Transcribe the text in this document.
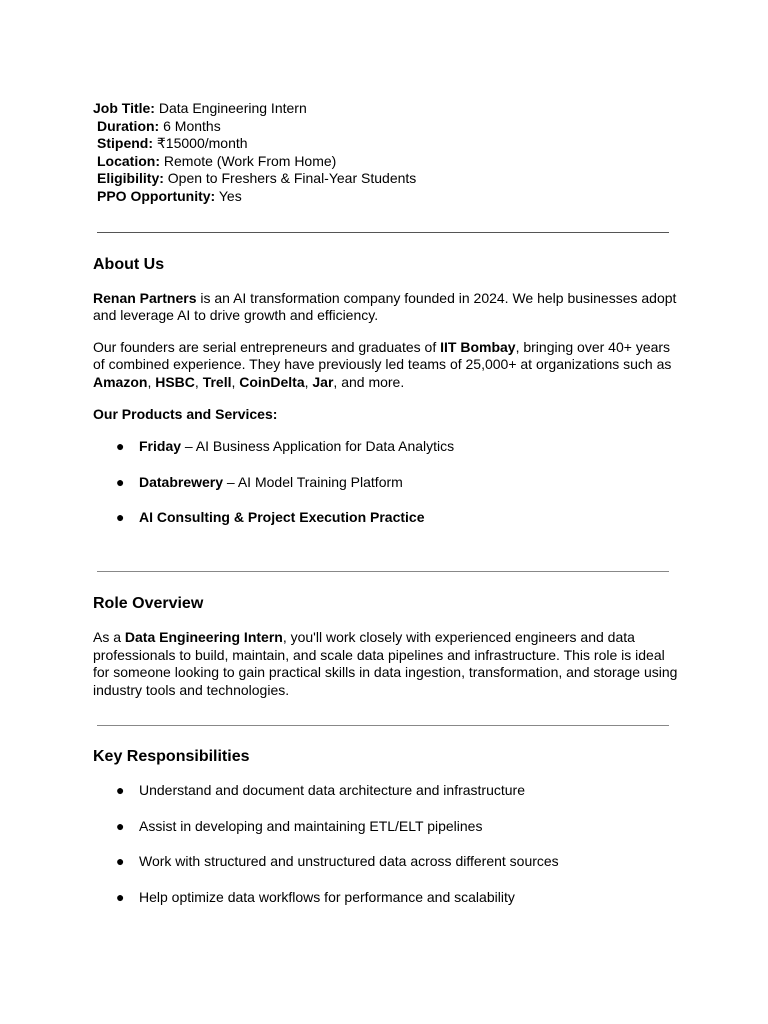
Job Title: Data Engineering Intern
Duration: 6 Months
Stipend: ₹15000/month
Location: Remote (Work From Home)
Eligibility: Open to Freshers & Final-Year Students
PPO Opportunity: Yes
About Us

Renan Partners is an AI transformation company founded in 2024. We help businesses adopt and leverage AI to drive growth and efficiency.

Our founders are serial entrepreneurs and graduates of IIT Bombay, bringing over 40+ years of combined experience. They have previously led teams of 25,000+ at organizations such as Amazon, HSBC, Trell, CoinDelta, Jar, and more.

Our Products and Services:

● Friday – AI Business Application for Data Analytics
● Databrewery – AI Model Training Platform
● AI Consulting & Project Execution Practice
Role Overview

As a Data Engineering Intern, you'll work closely with experienced engineers and data professionals to build, maintain, and scale data pipelines and infrastructure. This role is ideal for someone looking to gain practical skills in data ingestion, transformation, and storage using industry tools and technologies.

Key Responsibilities
● Understand and document data architecture and infrastructure
● Assist in developing and maintaining ETL/ELT pipelines
● Work with structured and unstructured data across different sources
● Help optimize data workflows for performance and scalability
